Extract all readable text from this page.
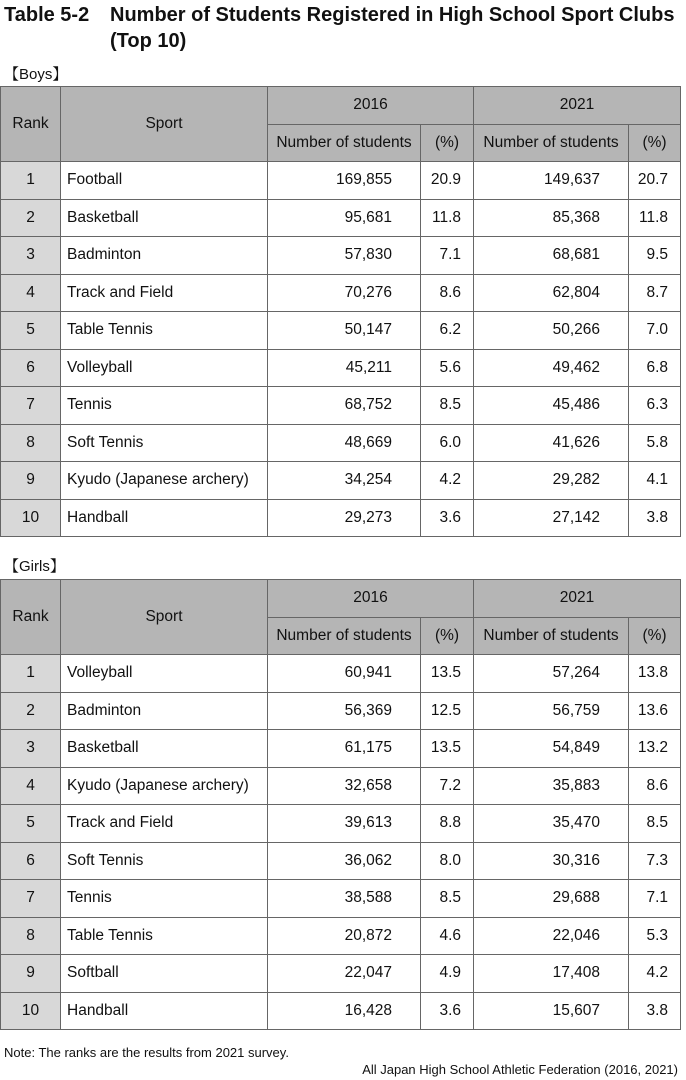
Table 5-2 Number of Students Registered in High School Sport Clubs (Top 10)
【Boys】
Rank	Sport	2016		2021	
		Number of students	(%)	Number of students	(%)
1	Football	169,855	20.9	149,637	20.7
2	Basketball	95,681	11.8	85,368	11.8
3	Badminton	57,830	7.1	68,681	9.5
4	Track and Field	70,276	8.6	62,804	8.7
5	Table Tennis	50,147	6.2	50,266	7.0
6	Volleyball	45,211	5.6	49,462	6.8
7	Tennis	68,752	8.5	45,486	6.3
8	Soft Tennis	48,669	6.0	41,626	5.8
9	Kyudo (Japanese archery)	34,254	4.2	29,282	4.1
10	Handball	29,273	3.6	27,142	3.8
【Girls】
Rank	Sport	2016		2021	
		Number of students	(%)	Number of students	(%)
1	Volleyball	60,941	13.5	57,264	13.8
2	Badminton	56,369	12.5	56,759	13.6
3	Basketball	61,175	13.5	54,849	13.2
4	Kyudo (Japanese archery)	32,658	7.2	35,883	8.6
5	Track and Field	39,613	8.8	35,470	8.5
6	Soft Tennis	36,062	8.0	30,316	7.3
7	Tennis	38,588	8.5	29,688	7.1
8	Table Tennis	20,872	4.6	22,046	5.3
9	Softball	22,047	4.9	17,408	4.2
10	Handball	16,428	3.6	15,607	3.8
Note: The ranks are the results from 2021 survey.
All Japan High School Athletic Federation (2016, 2021)
